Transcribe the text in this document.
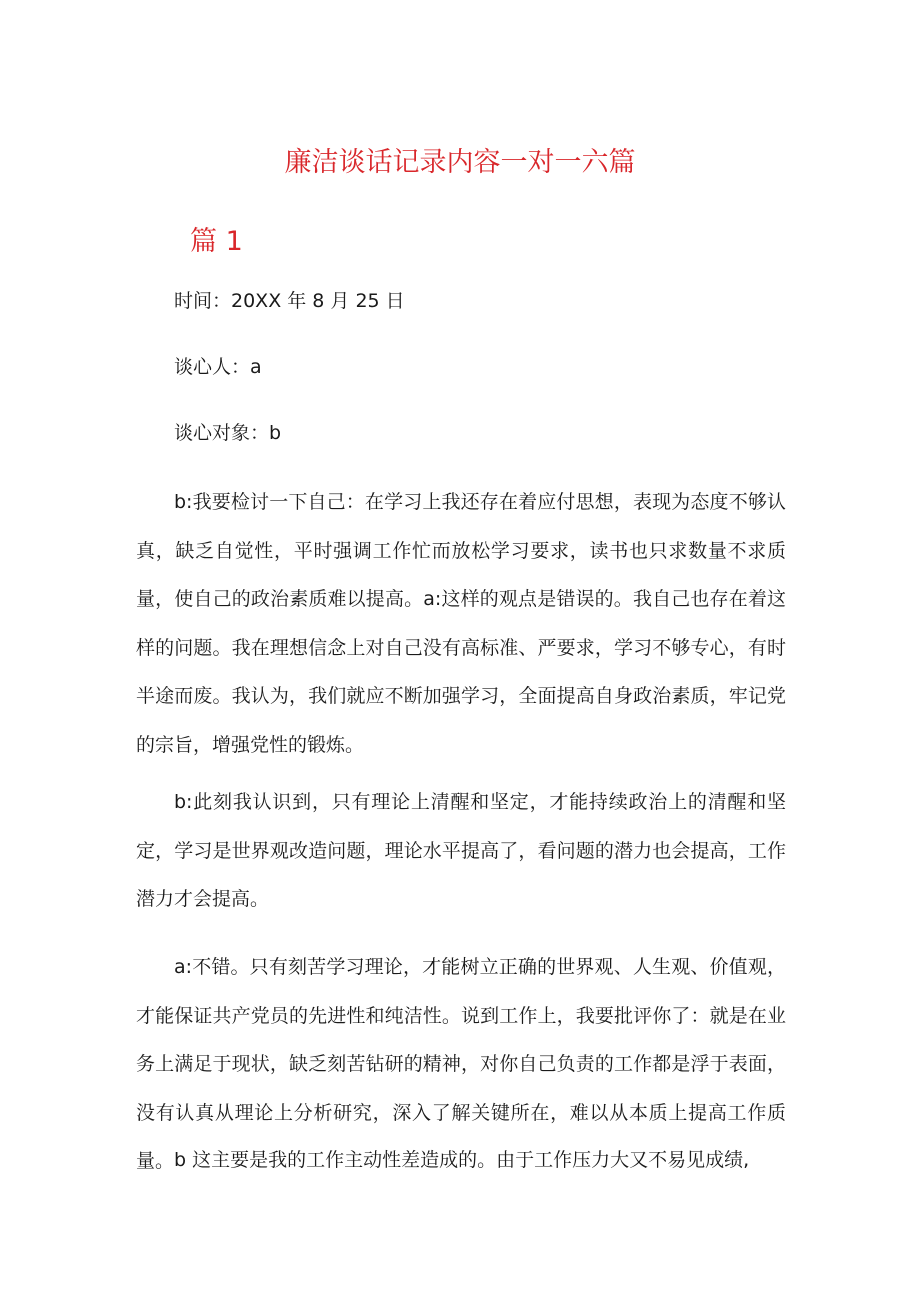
廉洁谈话记录内容一对一六篇
篇 1
时间：20XX 年 8 月 25 日
谈心人：a
谈心对象：b

b:我要检讨一下自己：在学习上我还存在着应付思想，表现为态度不够认真，缺乏自觉性，平时强调工作忙而放松学习要求，读书也只求数量不求质量，使自己的政治素质难以提高。a:这样的观点是错误的。我自己也存在着这样的问题。我在理想信念上对自己没有高标准、严要求，学习不够专心，有时半途而废。我认为，我们就应不断加强学习，全面提高自身政治素质，牢记党的宗旨，增强党性的锻炼。

b:此刻我认识到，只有理论上清醒和坚定，才能持续政治上的清醒和坚定，学习是世界观改造问题，理论水平提高了，看问题的潜力也会提高，工作潜力才会提高。

a:不错。只有刻苦学习理论，才能树立正确的世界观、人生观、价值观，才能保证共产党员的先进性和纯洁性。说到工作上，我要批评你了：就是在业务上满足于现状，缺乏刻苦钻研的精神，对你自己负责的工作都是浮于表面，没有认真从理论上分析研究，深入了解关键所在，难以从本质上提高工作质量。 b 这主要是我的工作主动性差造成的。由于工作压力大又不易见成绩,
